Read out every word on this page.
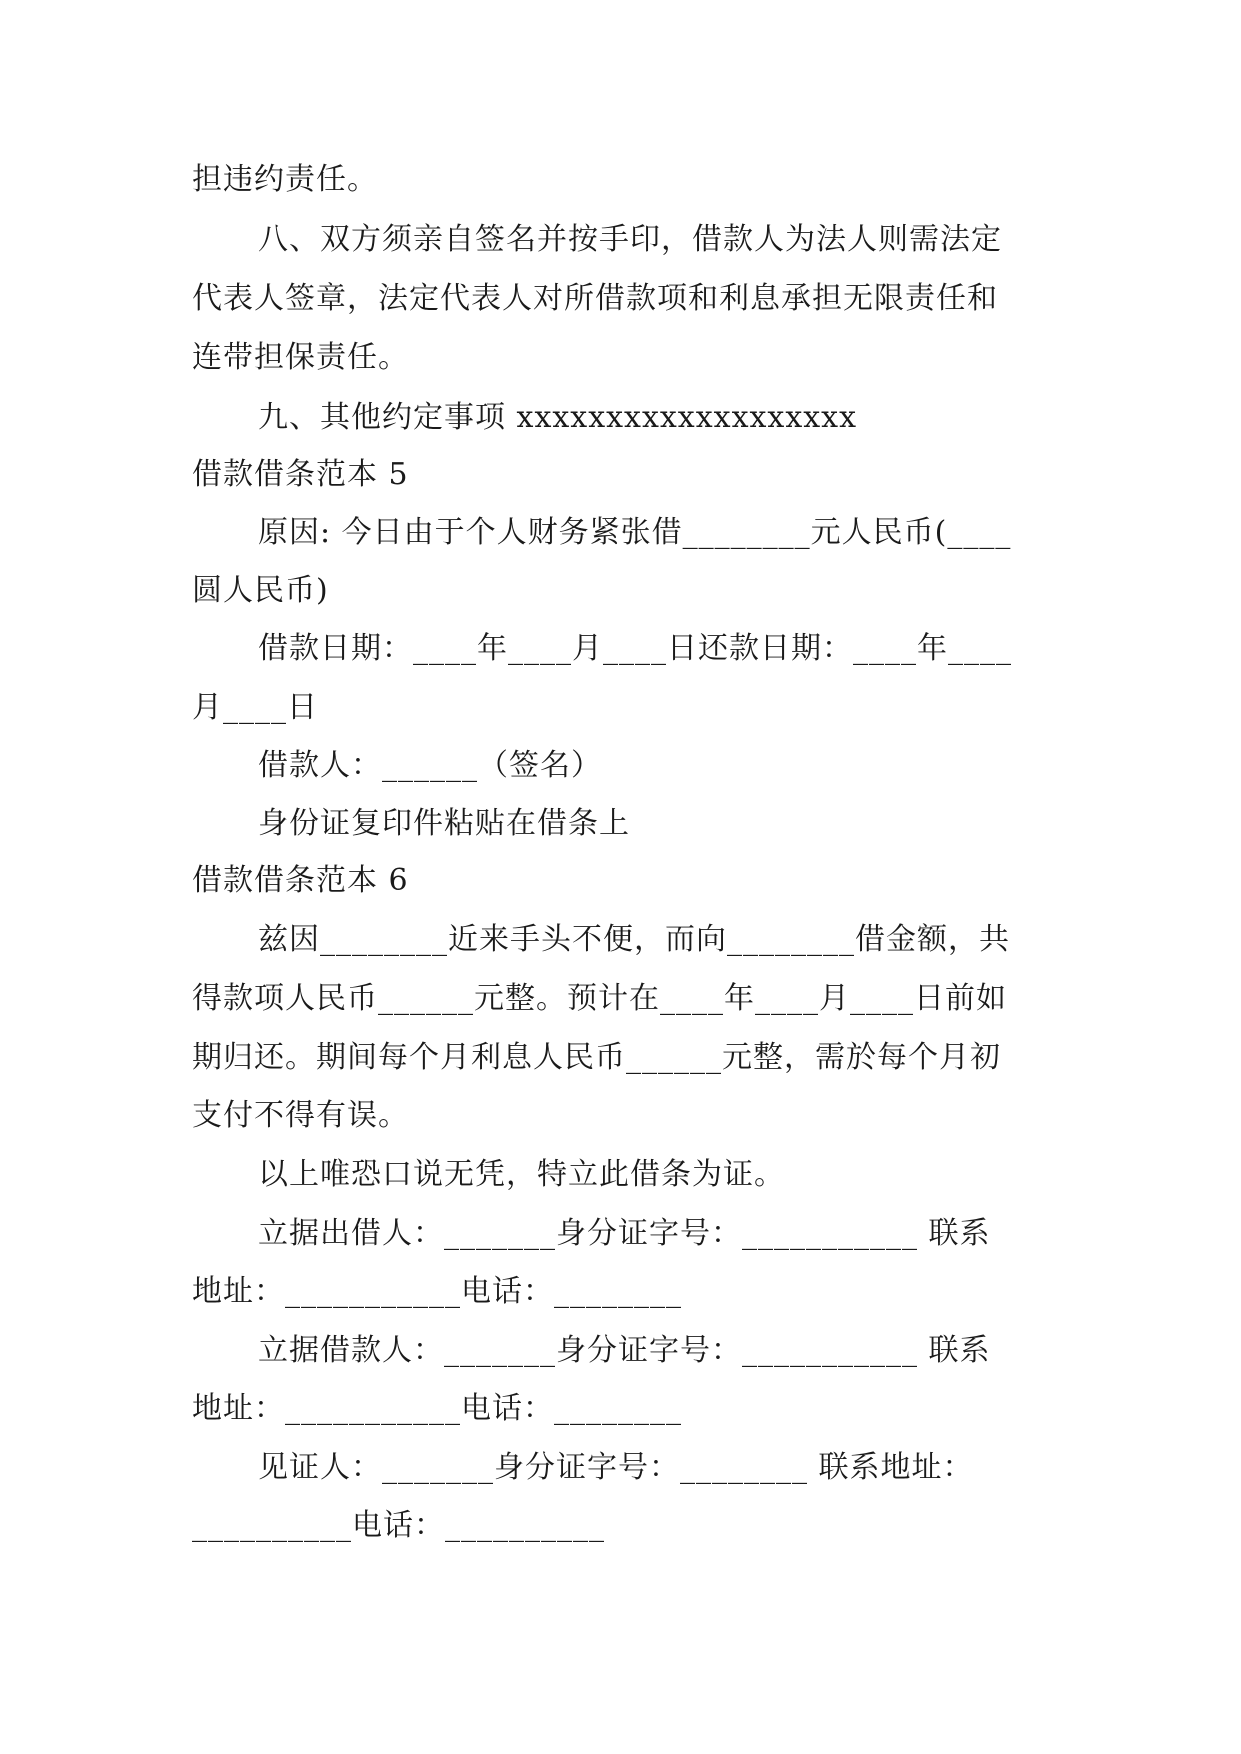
担违约责任。
八、双方须亲自签名并按手印，借款人为法人则需法定
代表人签章，法定代表人对所借款项和利息承担无限责任和
连带担保责任。
九、其他约定事项 xxxxxxxxxxxxxxxxxxx
借款借条范本 5
原因: 今日由于个人财务紧张借________元人民币(____
圆人民币)
借款日期：____年____月____日还款日期：____年____
月____日
借款人：______（签名）
身份证复印件粘贴在借条上
借款借条范本 6
兹因________近来手头不便，而向________借金额，共
得款项人民币______元整。预计在____年____月____日前如
期归还。期间每个月利息人民币______元整，需於每个月初
支付不得有误。
以上唯恐口说无凭，特立此借条为证。
立据出借人：_______身分证字号：___________ 联系
地址：___________电话：________
立据借款人：_______身分证字号：___________ 联系
地址：___________电话：________
见证人：_______身分证字号：________ 联系地址：
__________电话：__________
